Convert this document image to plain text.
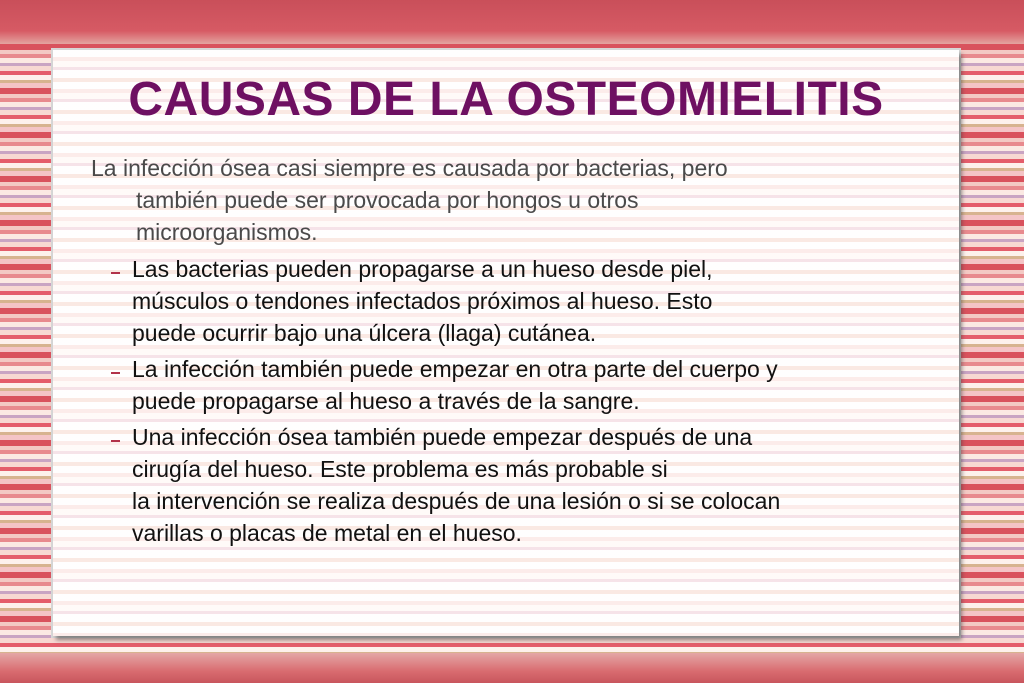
CAUSAS DE LA OSTEOMIELITIS

La infección ósea casi siempre es causada por bacterias, pero
también puede ser provocada por hongos u otros
microorganismos.

Las bacterias pueden propagarse a un hueso desde piel,
músculos o tendones infectados próximos al hueso. Esto
puede ocurrir bajo una úlcera (llaga) cutánea.
La infección también puede empezar en otra parte del cuerpo y
puede propagarse al hueso a través de la sangre.
Una infección ósea también puede empezar después de una
cirugía del hueso. Este problema es más probable si
la intervención se realiza después de una lesión o si se colocan
varillas o placas de metal en el hueso.
